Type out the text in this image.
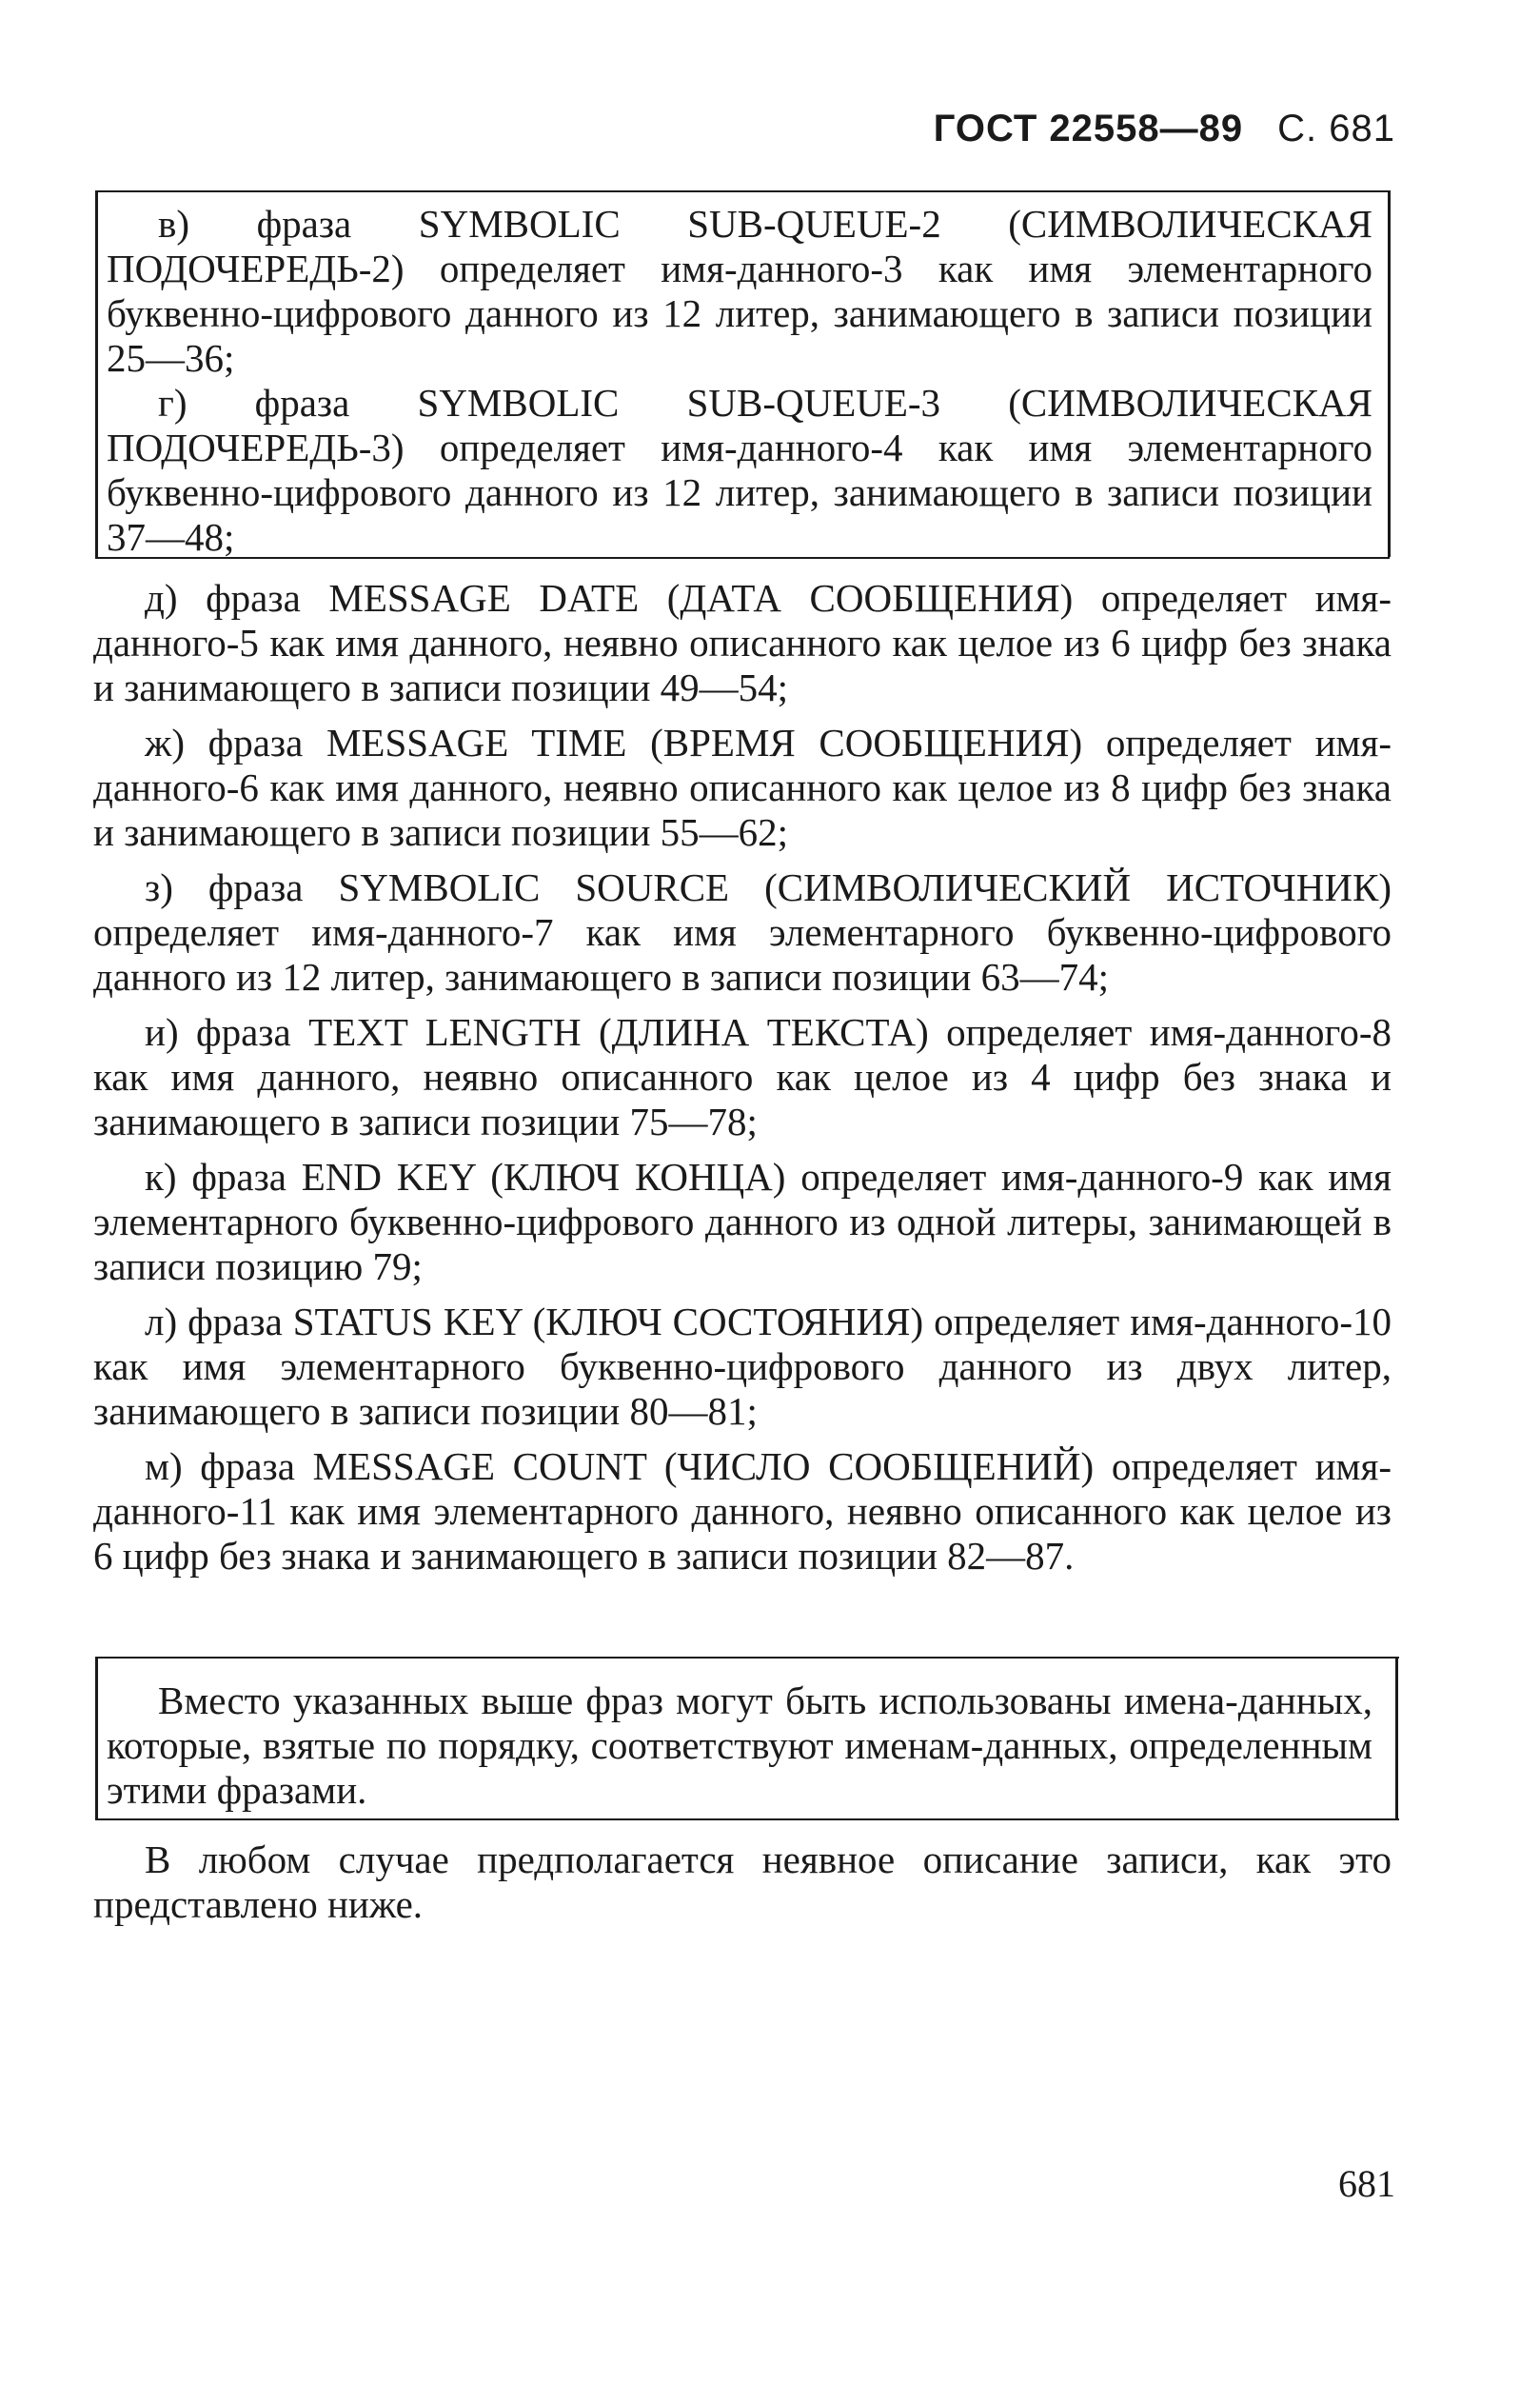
ГОСТ 22558—89 С. 681

в) фраза SYMBOLIC SUB-QUEUE-2 (СИМВОЛИЧЕСКАЯ ПОДОЧЕРЕДЬ-2) определяет имя-данного-3 как имя элементарного буквенно-цифрового данного из 12 литер, занимающего в записи позиции 25—36;

г) фраза SYMBOLIC SUB-QUEUE-3 (СИМВОЛИЧЕСКАЯ ПОДОЧЕРЕДЬ-3) определяет имя-данного-4 как имя элементарного буквенно-цифрового данного из 12 литер, занимающего в записи позиции 37—48;

д) фраза MESSAGE DATE (ДАТА СООБЩЕНИЯ) определяет имя-данного-5 как имя данного, неявно описанного как целое из 6 цифр без знака и занимающего в записи позиции 49—54;

ж) фраза MESSAGE TIME (ВРЕМЯ СООБЩЕНИЯ) определяет имя-данного-6 как имя данного, неявно описанного как целое из 8 цифр без знака и занимающего в записи позиции 55—62;

з) фраза SYMBOLIC SOURCE (СИМВОЛИЧЕСКИЙ ИСТОЧНИК) определяет имя-данного-7 как имя элементарного буквенно-цифрового данного из 12 литер, занимающего в записи позиции 63—74;

и) фраза TEXT LENGTH (ДЛИНА ТЕКСТА) определяет имя-данного-8 как имя данного, неявно описанного как целое из 4 цифр без знака и занимающего в записи позиции 75—78;

к) фраза END KEY (КЛЮЧ КОНЦА) определяет имя-данного-9 как имя элементарного буквенно-цифрового данного из одной литеры, занимающей в записи позицию 79;

л) фраза STATUS KEY (КЛЮЧ СОСТОЯНИЯ) определяет имя-данного-10 как имя элементарного буквенно-цифрового данного из двух литер, занимающего в записи позиции 80—81;

м) фраза MESSAGE COUNT (ЧИСЛО СООБЩЕНИЙ) определяет имя-данного-11 как имя элементарного данного, неявно описанного как целое из 6 цифр без знака и занимающего в записи позиции 82—87.

Вместо указанных выше фраз могут быть использованы имена-данных, которые, взятые по порядку, соответствуют именам-данных, определенным этими фразами.

В любом случае предполагается неявное описание записи, как это представлено ниже.

681
